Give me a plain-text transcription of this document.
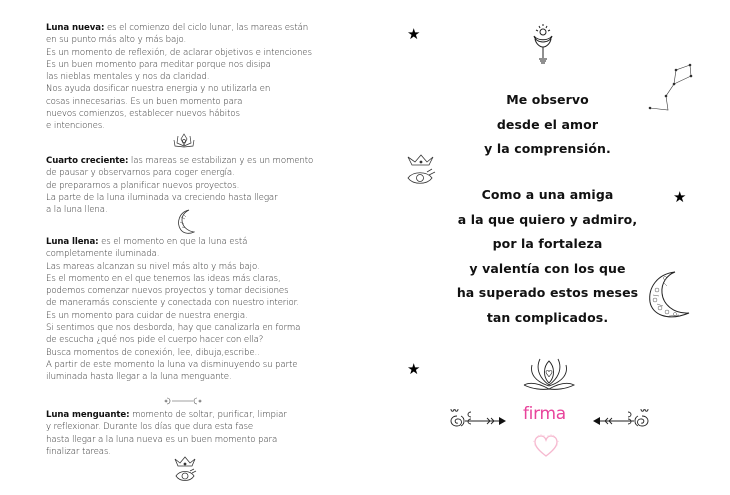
Luna nueva: es el comienzo del ciclo lunar, las mareas están
en su punto más alto y más bajo.
Es un momento de reflexión, de aclarar objetivos e intenciones
Es un buen momento para meditar porque nos disipa
las nieblas mentales y nos da claridad.
Nos ayuda dosificar nuestra energia y no utilizarla en
cosas innecesarias. Es un buen momento para
nuevos comienzos, establecer nuevos hábitos
e intenciones.
Cuarto creciente: las mareas se estabilizan y es un momento
de pausar y observarnos para coger energía.
de prepararnos a planificar nuevos proyectos.
La parte de la luna iluminada va creciendo hasta llegar
a la luna llena.
Luna llena: es el momento en que la luna está
completamente iluminada.
Las mareas alcanzan su nivel más alto y más bajo.
Es el momento en el que tenemos las ideas más claras,
podemos comenzar nuevos proyectos y tomar decisiones
de maneramás consciente y conectada con nuestro interior.
Es un momento para cuidar de nuestra energia.
Si sentimos que nos desborda, hay que canalizarla en forma
de escucha ¿qué nos pide el cuerpo hacer con ella?
Busca momentos de conexión, lee, dibuja,escribe..
A partir de este momento la luna va disminuyendo su parte
iluminada hasta llegar a la luna menguante.
Luna menguante: momento de soltar, purificar, limpiar
y reflexionar. Durante los días que dura esta fase
hasta llegar a la luna nueva es un buen momento para
finalizar tareas.
★
Me observo
desde el amor
y la comprensión.
Como a una amiga
a la que quiero y admiro,
por la fortaleza
y valentía con los que
ha superado estos meses
tan complicados.
★
★
firma
